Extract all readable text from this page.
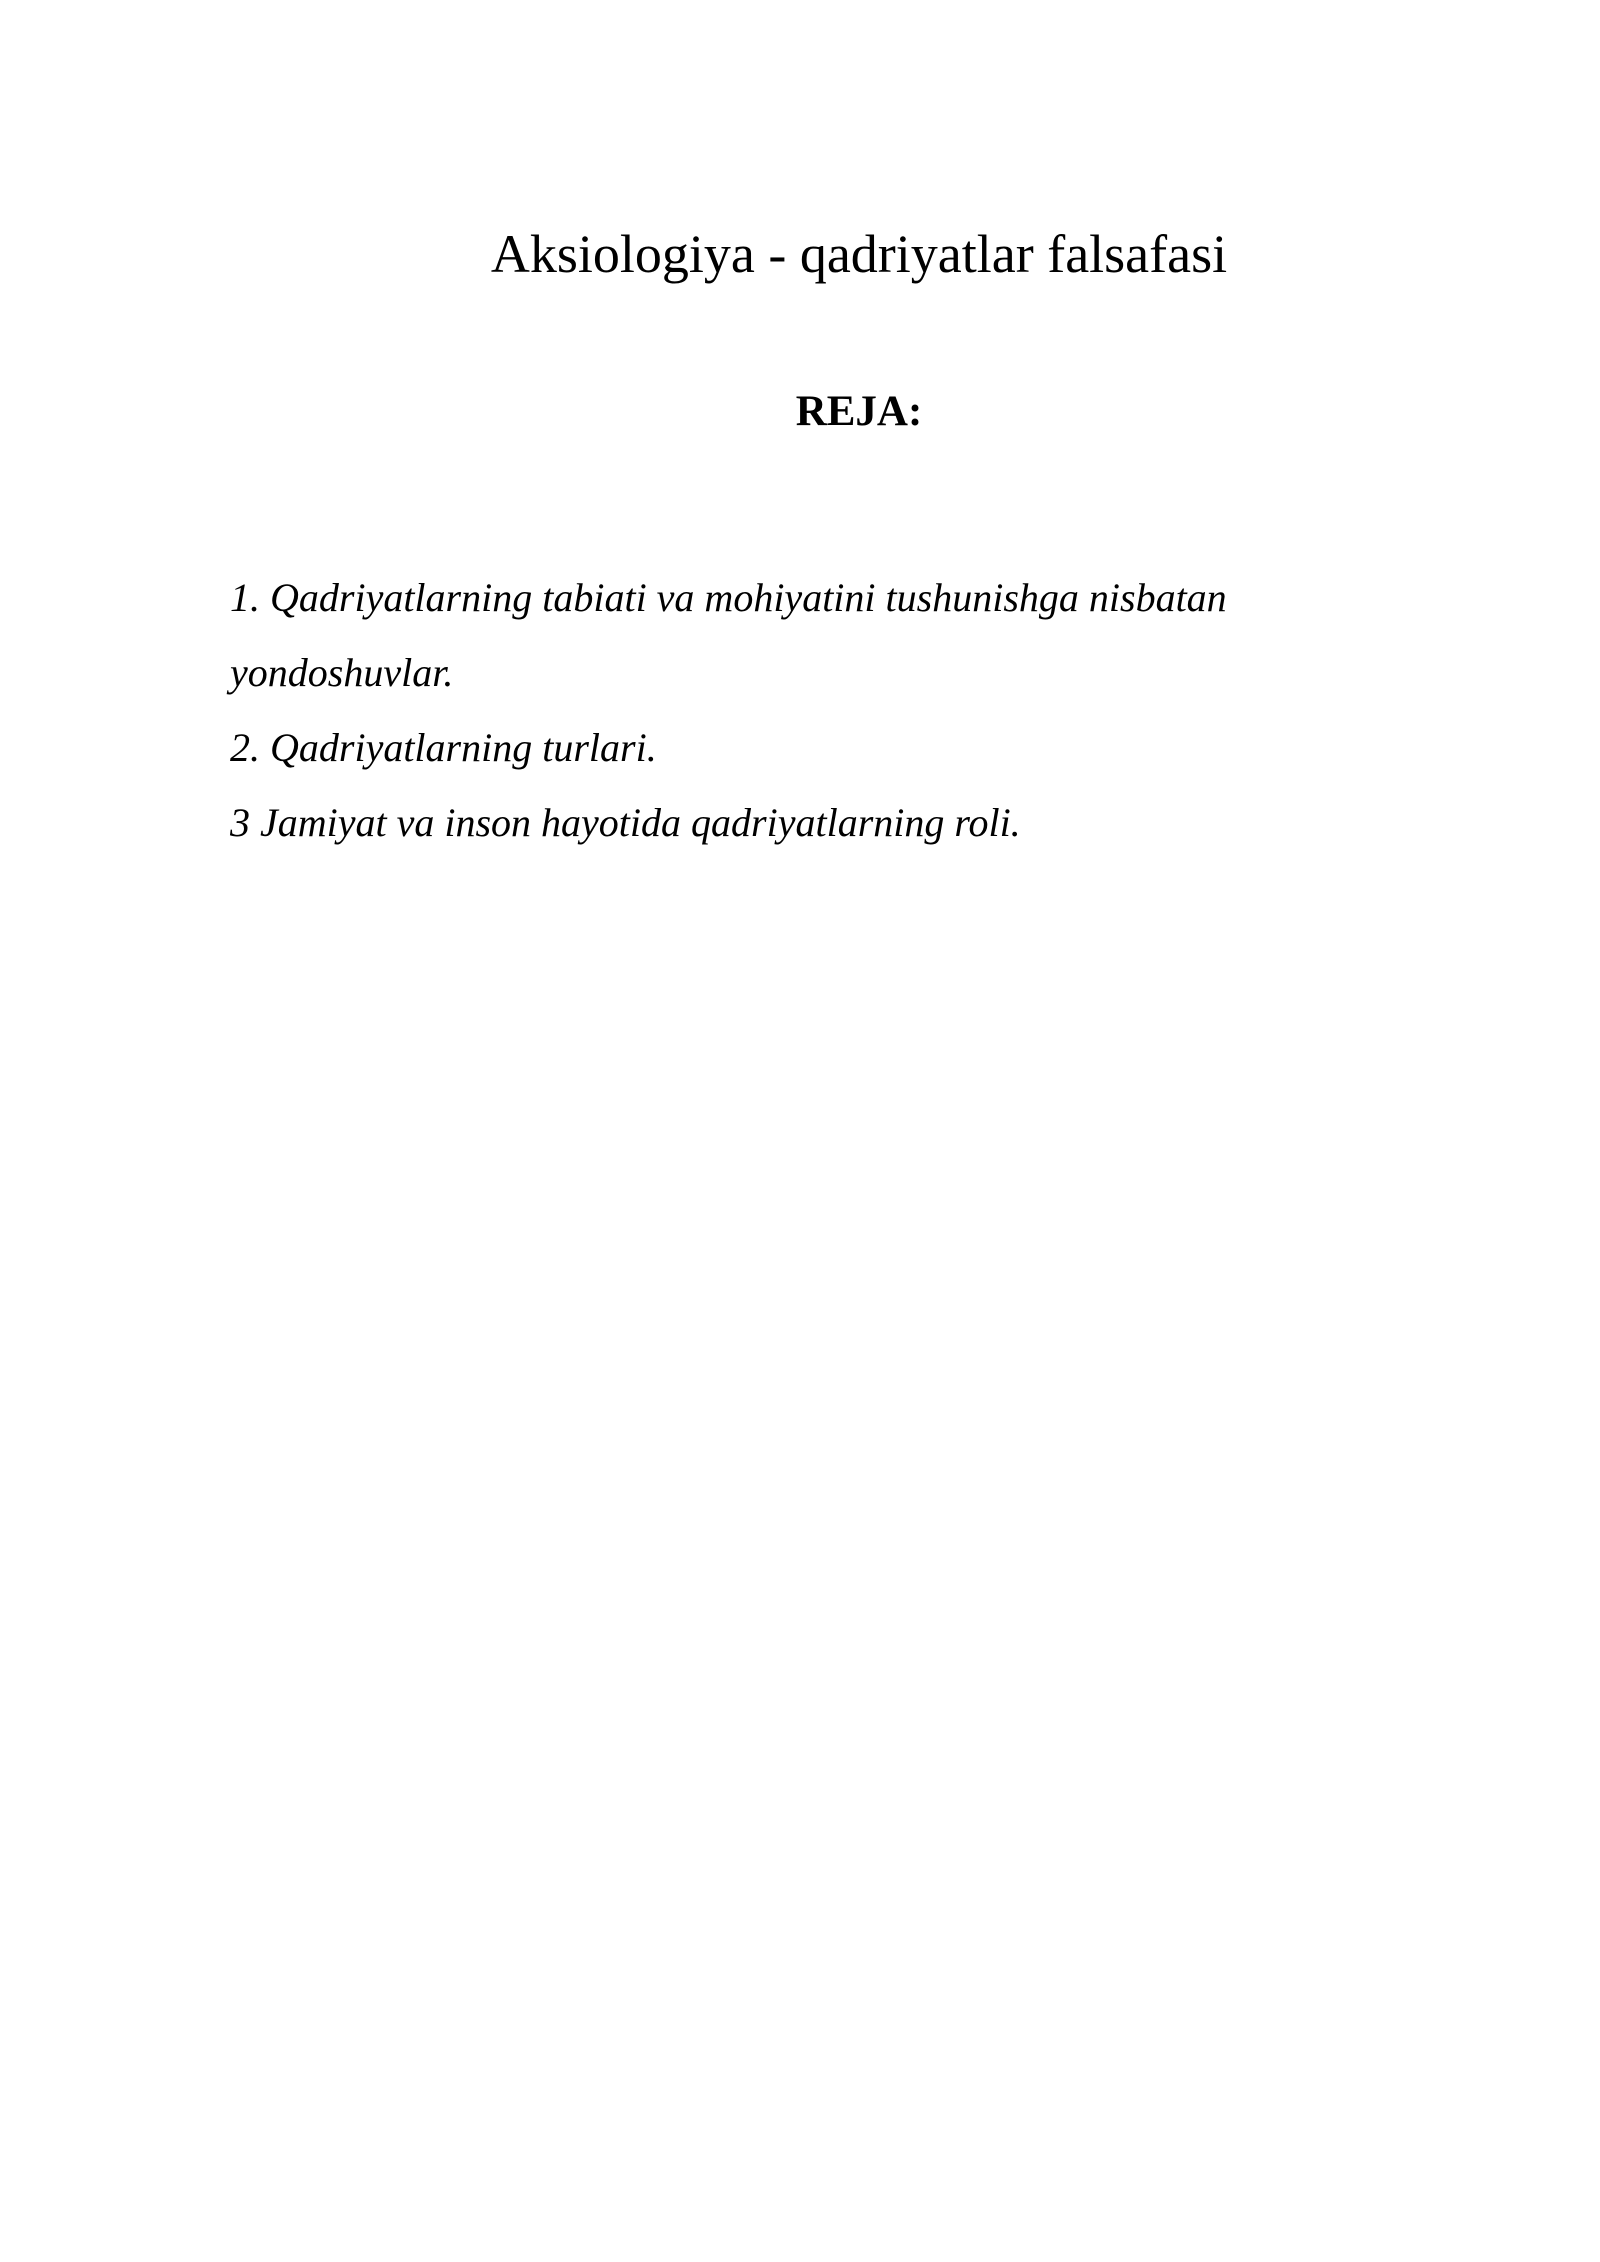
Aksiologiya - qadriyatlar falsafasi
REJA:
1. Qadriyatlarning tabiati va mohiyatini tushunishga nisbatan yondoshuvlar.
2. Qadriyatlarning turlari.
3 Jamiyat va inson hayotida qadriyatlarning roli.
